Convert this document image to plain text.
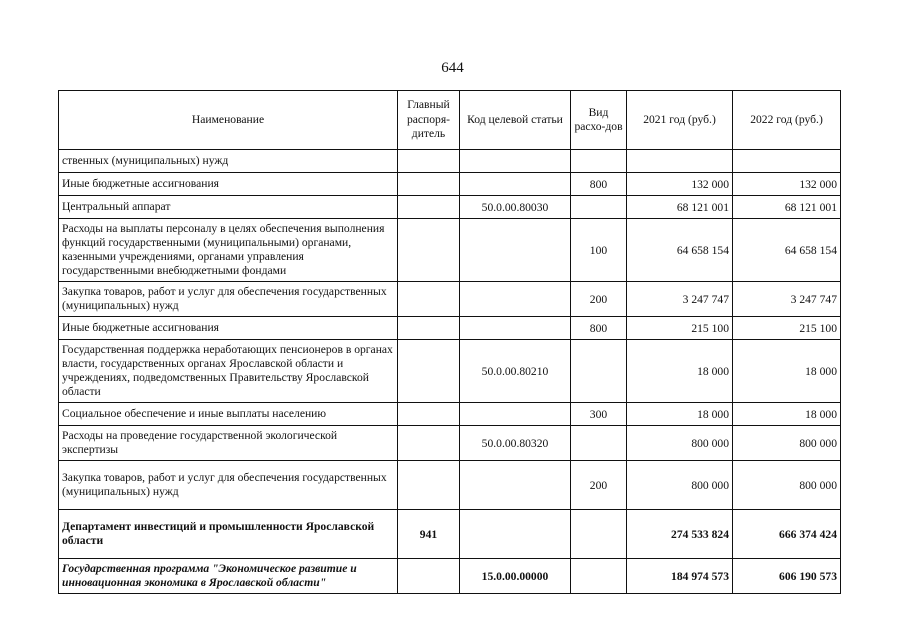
644
Наименование	Главный распоря-дитель	Код целевой статьи	Вид расхо-дов	2021 год (руб.)	2022 год (руб.)
ственных (муниципальных) нужд					
Иные бюджетные ассигнования			800	132 000	132 000
Центральный аппарат		50.0.00.80030		68 121 001	68 121 001
Расходы на выплаты персоналу в целях обеспечения выполнения функций государственными (муниципальными) органами, казенными учреждениями, органами управления государственными внебюджетными фондами			100	64 658 154	64 658 154
Закупка товаров, работ и услуг для обеспечения государственных (муниципальных) нужд			200	3 247 747	3 247 747
Иные бюджетные ассигнования			800	215 100	215 100
Государственная поддержка неработающих пенсионеров в органах власти, государственных органах Ярославской области и учреждениях, подведомственных Правительству Ярославской области		50.0.00.80210		18 000	18 000
Социальное обеспечение и иные выплаты населению			300	18 000	18 000
Расходы на проведение государственной экологической экспертизы		50.0.00.80320		800 000	800 000
Закупка товаров, работ и услуг для обеспечения государственных (муниципальных) нужд			200	800 000	800 000
Департамент инвестиций и промышленности Ярославской области	941			274 533 824	666 374 424
Государственная программа "Экономическое развитие и инновационная экономика в Ярославской области"		15.0.00.00000		184 974 573	606 190 573
